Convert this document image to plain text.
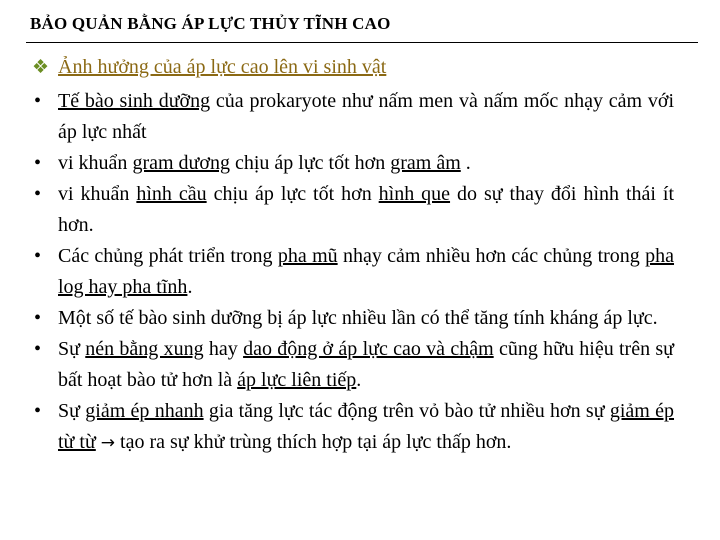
BẢO QUẢN BẰNG ÁP LỰC THỦY TĨNH CAO
❖ Ảnh hưởng của áp lực cao lên vi sinh vật
• Tế bào sinh dưỡng của prokaryote như nấm men và nấm mốc nhạy cảm với áp lực nhất
• vi khuẩn gram dương chịu áp lực tốt hơn gram âm .
• vi khuẩn hình cầu chịu áp lực tốt hơn hình que do sự thay đổi hình thái ít hơn.
• Các chủng phát triển trong pha mũ nhạy cảm nhiều hơn các chủng trong pha log hay pha tĩnh.
• Một số tế bào sinh dưỡng bị áp lực nhiều lần có thể tăng tính kháng áp lực.
• Sự nén bằng xung hay dao động ở áp lực cao và chậm cũng hữu hiệu trên sự bất hoạt bào tử hơn là áp lực liên tiếp.
• Sự giảm ép nhanh gia tăng lực tác động trên vỏ bào tử nhiều hơn sự giảm ép từ từ → tạo ra sự khử trùng thích hợp tại áp lực thấp hơn.
